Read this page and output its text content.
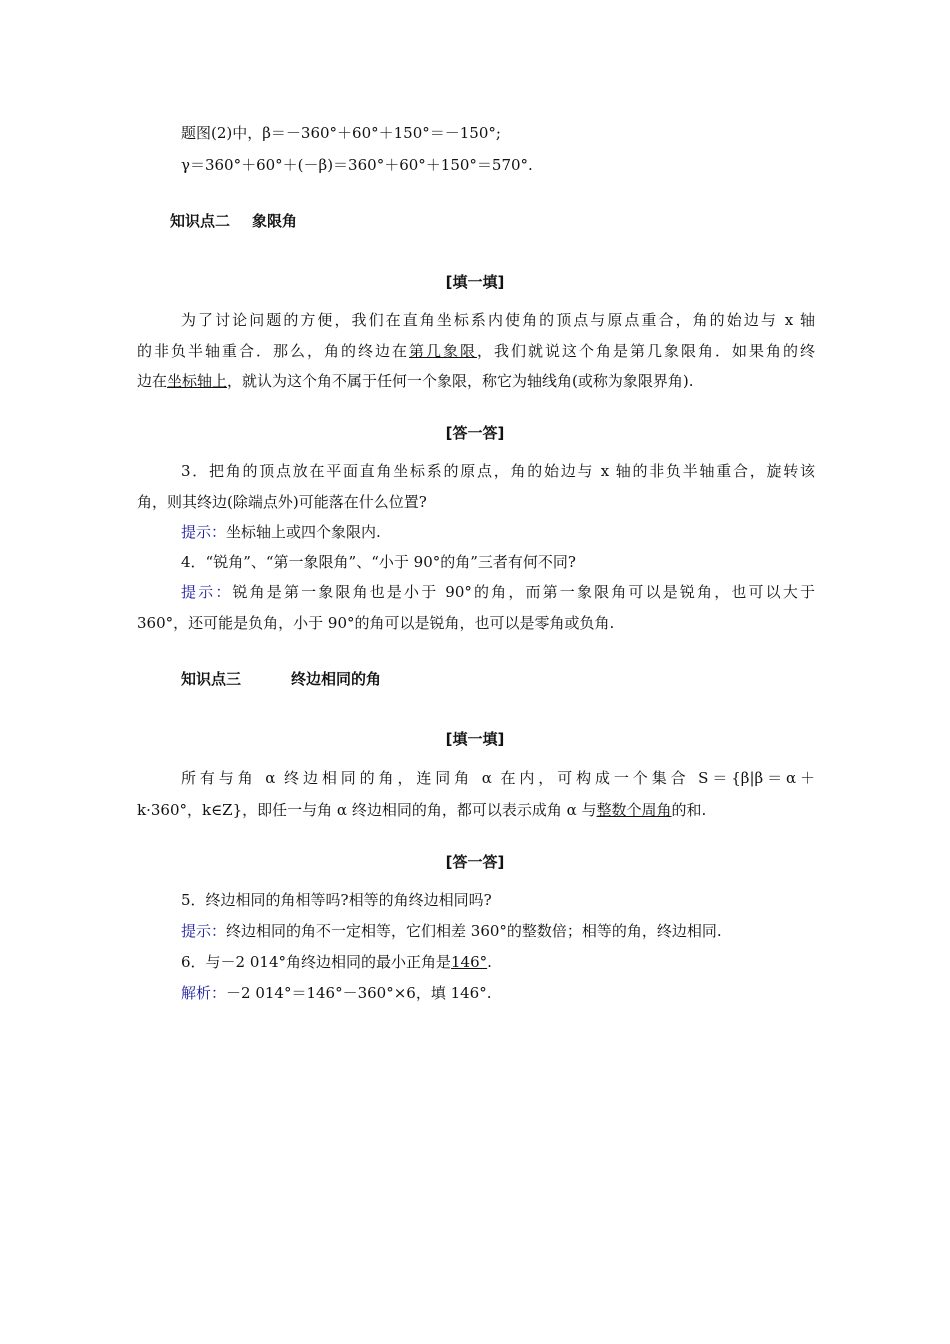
题图(2)中，β＝－360°＋60°＋150°＝－150°;
γ＝360°＋60°＋(－β)＝360°＋60°＋150°＝570°.
知识点二 象限角
[填一填]
为了讨论问题的方便，我们在直角坐标系内使角的顶点与原点重合，角的始边与 x 轴
的非负半轴重合．那么，角的终边在第几象限，我们就说这个角是第几象限角．如果角的终
边在坐标轴上，就认为这个角不属于任何一个象限，称它为轴线角(或称为象限界角).
[答一答]
3．把角的顶点放在平面直角坐标系的原点，角的始边与 x 轴的非负半轴重合，旋转该
角，则其终边(除端点外)可能落在什么位置?
提示：坐标轴上或四个象限内.
4．“锐角”、“第一象限角”、“小于 90°的角”三者有何不同?
提示：锐角是第一象限角也是小于 90°的角，而第一象限角可以是锐角，也可以大于
360°，还可能是负角，小于 90°的角可以是锐角，也可以是零角或负角.
知识点三	终边相同的角
[填一填]
所有与角 α 终边相同的角，连同角 α 在内，可构成一个集合 S＝{β|β＝α＋
k·360°，k∈Z}，即任一与角 α 终边相同的角，都可以表示成角 α 与整数个周角的和.
[答一答]
5．终边相同的角相等吗?相等的角终边相同吗?
提示：终边相同的角不一定相等，它们相差 360°的整数倍；相等的角，终边相同.
6．与－2 014°角终边相同的最小正角是146°.
解析：－2 014°＝146°－360°×6，填 146°.
